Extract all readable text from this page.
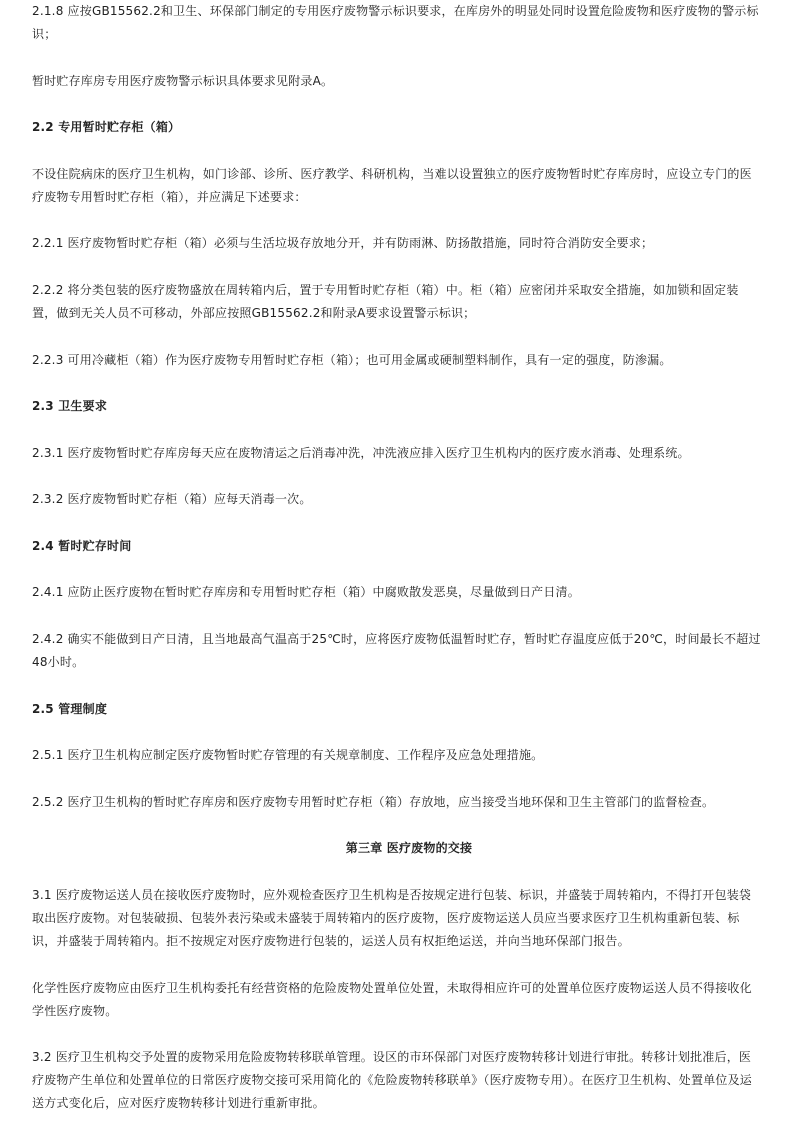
2.1.8 应按GB15562.2和卫生、环保部门制定的专用医疗废物警示标识要求，在库房外的明显处同时设置危险废物和医疗废物的警示标识；

暂时贮存库房专用医疗废物警示标识具体要求见附录A。

2.2 专用暂时贮存柜（箱）

不设住院病床的医疗卫生机构，如门诊部、诊所、医疗教学、科研机构，当难以设置独立的医疗废物暂时贮存库房时，应设立专门的医疗废物专用暂时贮存柜（箱），并应满足下述要求：

2.2.1 医疗废物暂时贮存柜（箱）必须与生活垃圾存放地分开，并有防雨淋、防扬散措施，同时符合消防安全要求；

2.2.2 将分类包装的医疗废物盛放在周转箱内后，置于专用暂时贮存柜（箱）中。柜（箱）应密闭并采取安全措施，如加锁和固定装置，做到无关人员不可移动，外部应按照GB15562.2和附录A要求设置警示标识；

2.2.3 可用冷藏柜（箱）作为医疗废物专用暂时贮存柜（箱）；也可用金属或硬制塑料制作，具有一定的强度，防渗漏。

2.3 卫生要求

2.3.1 医疗废物暂时贮存库房每天应在废物清运之后消毒冲洗，冲洗液应排入医疗卫生机构内的医疗废水消毒、处理系统。

2.3.2 医疗废物暂时贮存柜（箱）应每天消毒一次。

2.4 暂时贮存时间

2.4.1 应防止医疗废物在暂时贮存库房和专用暂时贮存柜（箱）中腐败散发恶臭，尽量做到日产日清。

2.4.2 确实不能做到日产日清，且当地最高气温高于25℃时，应将医疗废物低温暂时贮存，暂时贮存温度应低于20℃，时间最长不超过48小时。

2.5 管理制度

2.5.1 医疗卫生机构应制定医疗废物暂时贮存管理的有关规章制度、工作程序及应急处理措施。

2.5.2 医疗卫生机构的暂时贮存库房和医疗废物专用暂时贮存柜（箱）存放地，应当接受当地环保和卫生主管部门的监督检查。

第三章 医疗废物的交接

3.1 医疗废物运送人员在接收医疗废物时，应外观检查医疗卫生机构是否按规定进行包装、标识，并盛装于周转箱内，不得打开包装袋取出医疗废物。对包装破损、包装外表污染或未盛装于周转箱内的医疗废物，医疗废物运送人员应当要求医疗卫生机构重新包装、标识，并盛装于周转箱内。拒不按规定对医疗废物进行包装的，运送人员有权拒绝运送，并向当地环保部门报告。

化学性医疗废物应由医疗卫生机构委托有经营资格的危险废物处置单位处置，未取得相应许可的处置单位医疗废物运送人员不得接收化学性医疗废物。

3.2 医疗卫生机构交予处置的废物采用危险废物转移联单管理。设区的市环保部门对医疗废物转移计划进行审批。转移计划批准后，医疗废物产生单位和处置单位的日常医疗废物交接可采用简化的《危险废物转移联单》（医疗废物专用）。在医疗卫生机构、处置单位及运送方式变化后，应对医疗废物转移计划进行重新审批。
